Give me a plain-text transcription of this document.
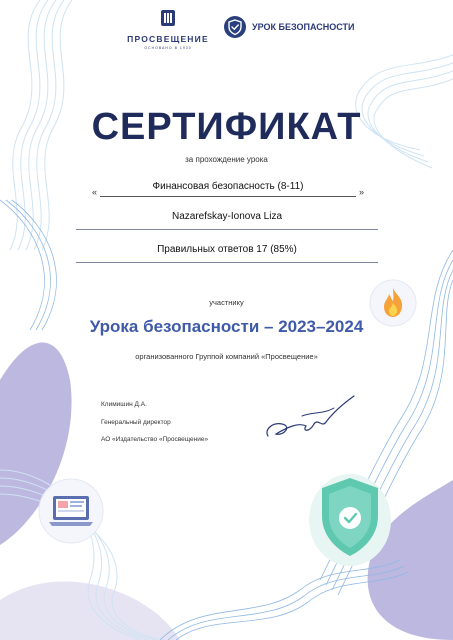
ПРОСВЕЩЕНИЕ
ОСНОВАНО В 1930
УРОК БЕЗОПАСНОСТИ
СЕРТИФИКАТ
за прохождение урока
«	Финансовая безопасность (8-11)	»
Nazarefskay-Ionova Liza
Правильных ответов 17 (85%)
участнику
Урока безопасности – 2023–2024
организованного Группой компаний «Просвещение»
Климишин Д.А.
Генеральный директор
АО «Издательство «Просвещение»
